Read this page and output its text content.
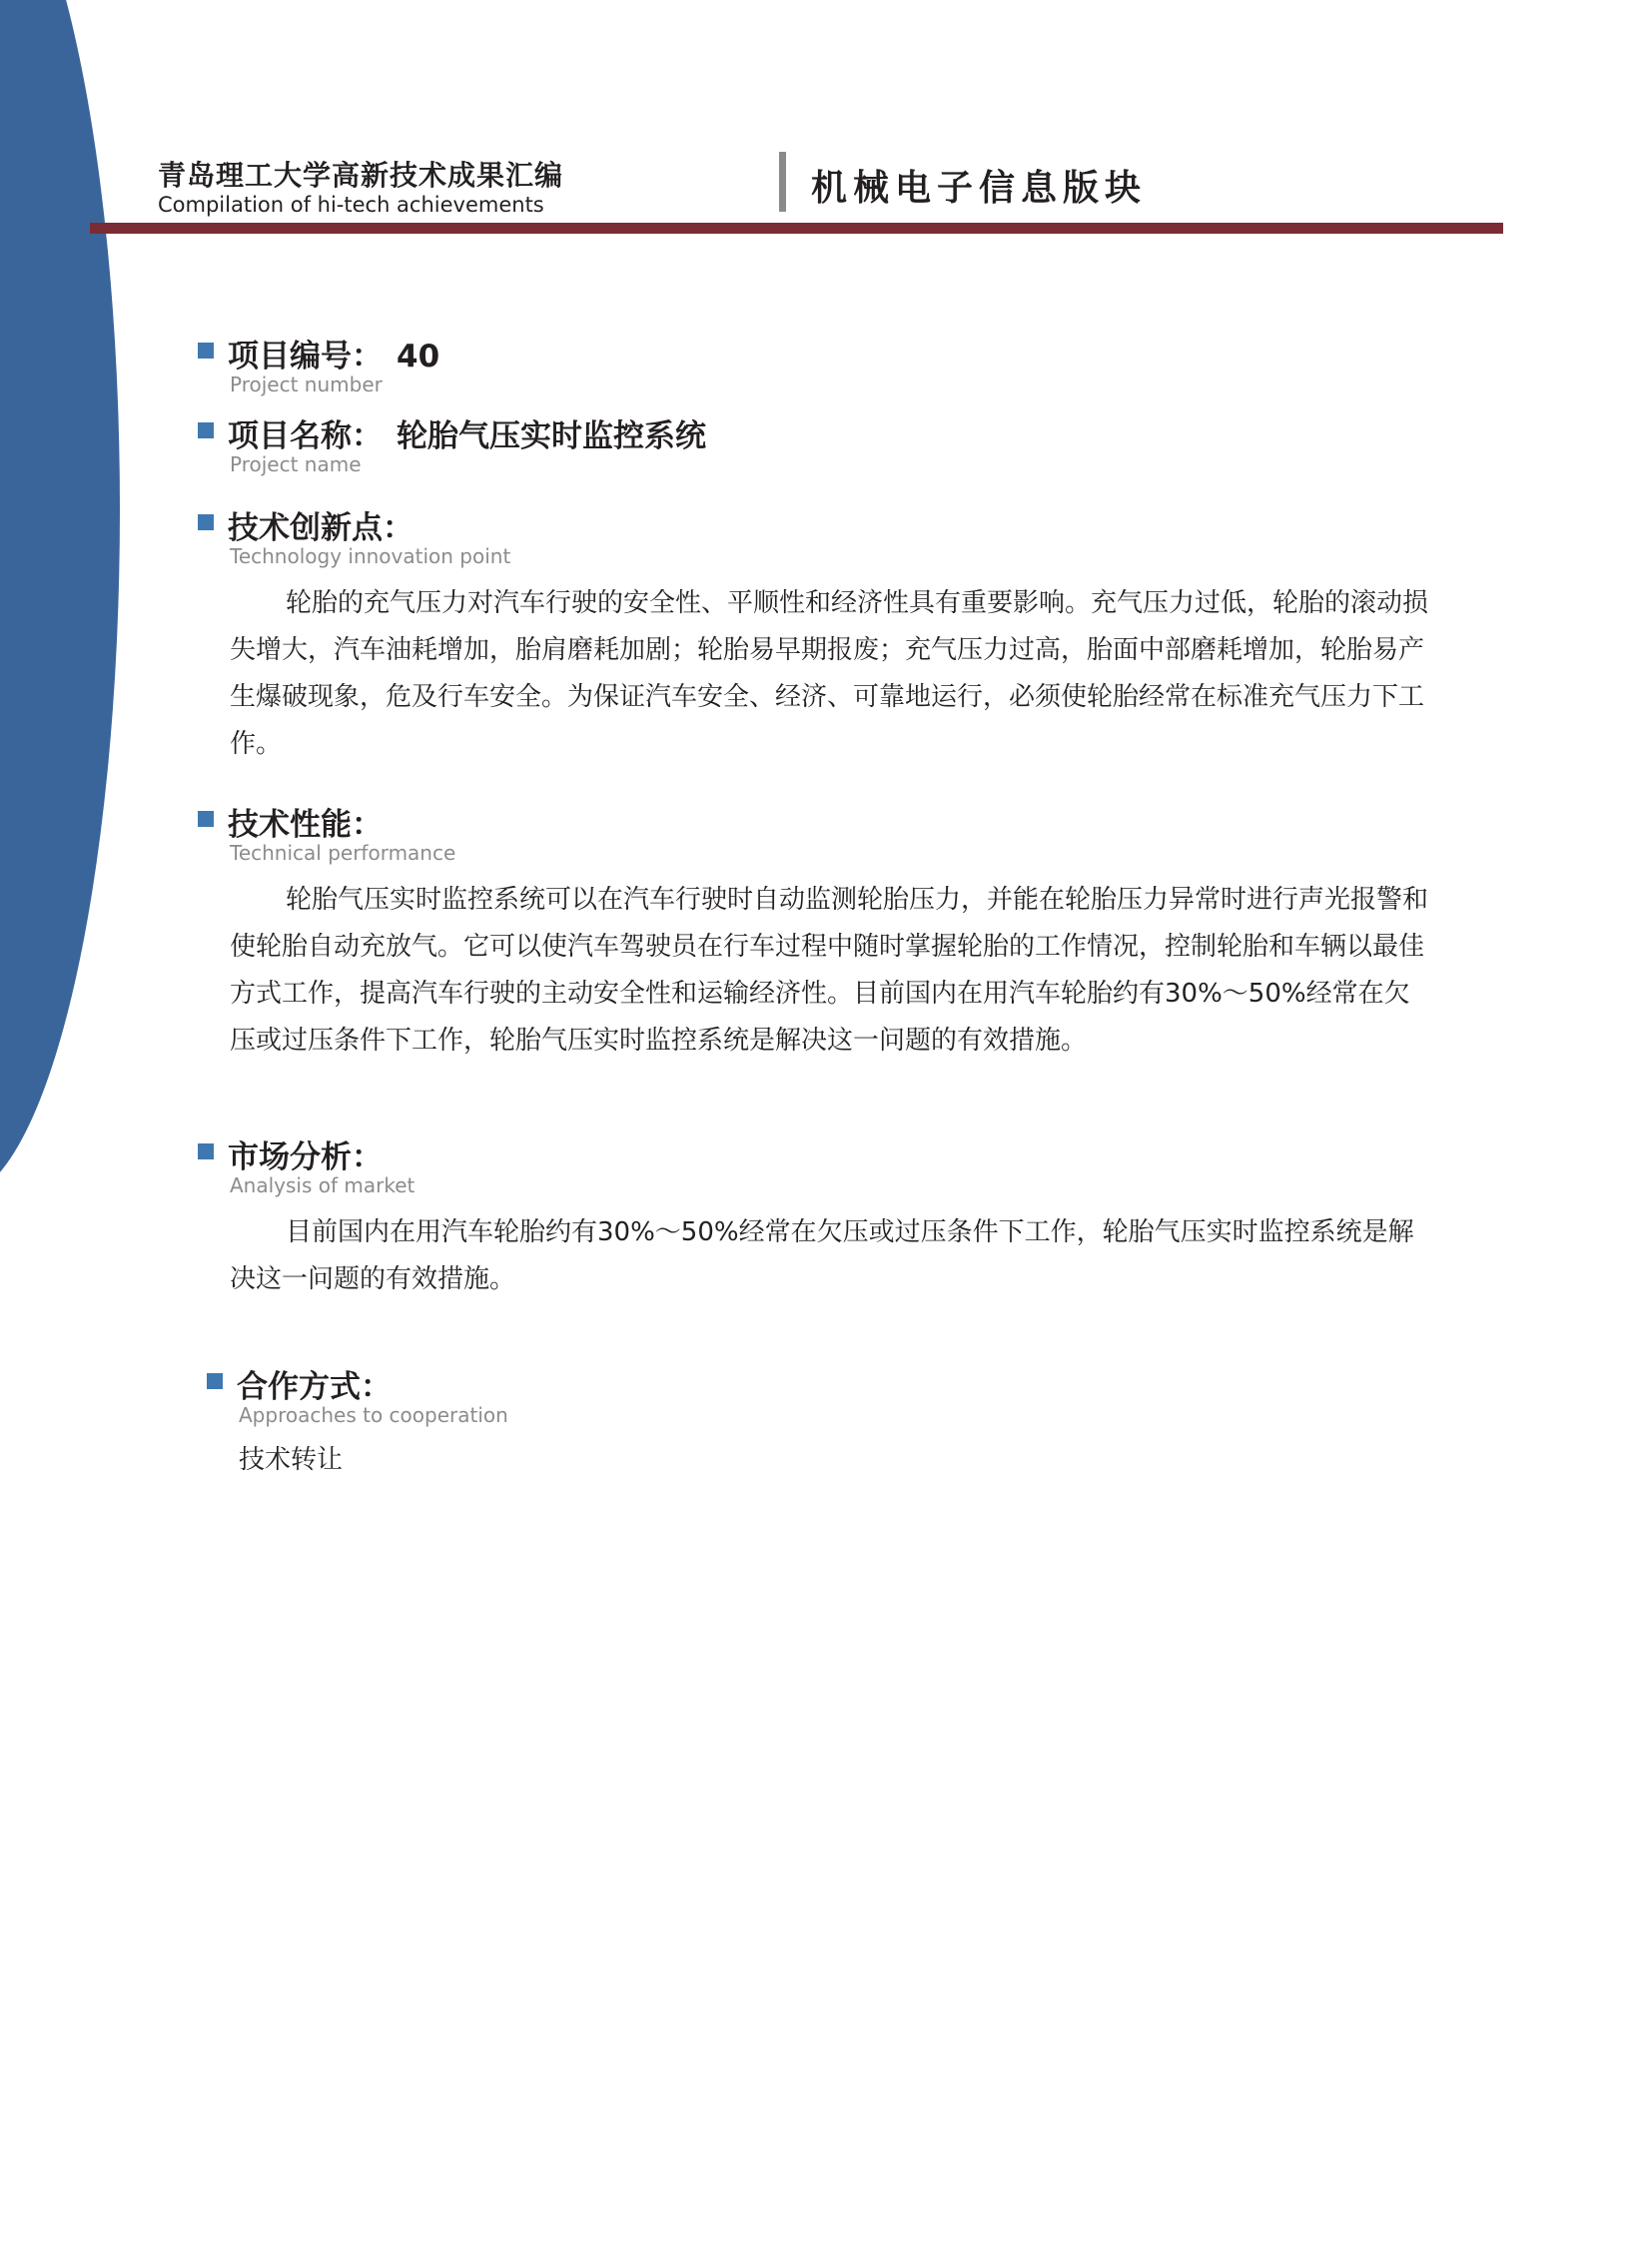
青岛理工大学高新技术成果汇编
Compilation of hi-tech achievements	机械电子信息版块
项目编号： 40
Project number
项目名称： 轮胎气压实时监控系统
Project name
技术创新点：
Technology innovation point
轮胎的充气压力对汽车行驶的安全性、平顺性和经济性具有重要影响。充气压力过低，轮胎的滚动损失增大，汽车油耗增加，胎肩磨耗加剧；轮胎易早期报废；充气压力过高，胎面中部磨耗增加，轮胎易产生爆破现象，危及行车安全。为保证汽车安全、经济、可靠地运行，必须使轮胎经常在标准充气压力下工作。
技术性能：
Technical performance
轮胎气压实时监控系统可以在汽车行驶时自动监测轮胎压力，并能在轮胎压力异常时进行声光报警和使轮胎自动充放气。它可以使汽车驾驶员在行车过程中随时掌握轮胎的工作情况，控制轮胎和车辆以最佳方式工作，提高汽车行驶的主动安全性和运输经济性。目前国内在用汽车轮胎约有30%～50%经常在欠压或过压条件下工作，轮胎气压实时监控系统是解决这一问题的有效措施。
市场分析：
Analysis of market
目前国内在用汽车轮胎约有30%～50%经常在欠压或过压条件下工作，轮胎气压实时监控系统是解决这一问题的有效措施。
合作方式：
Approaches to cooperation
技术转让
